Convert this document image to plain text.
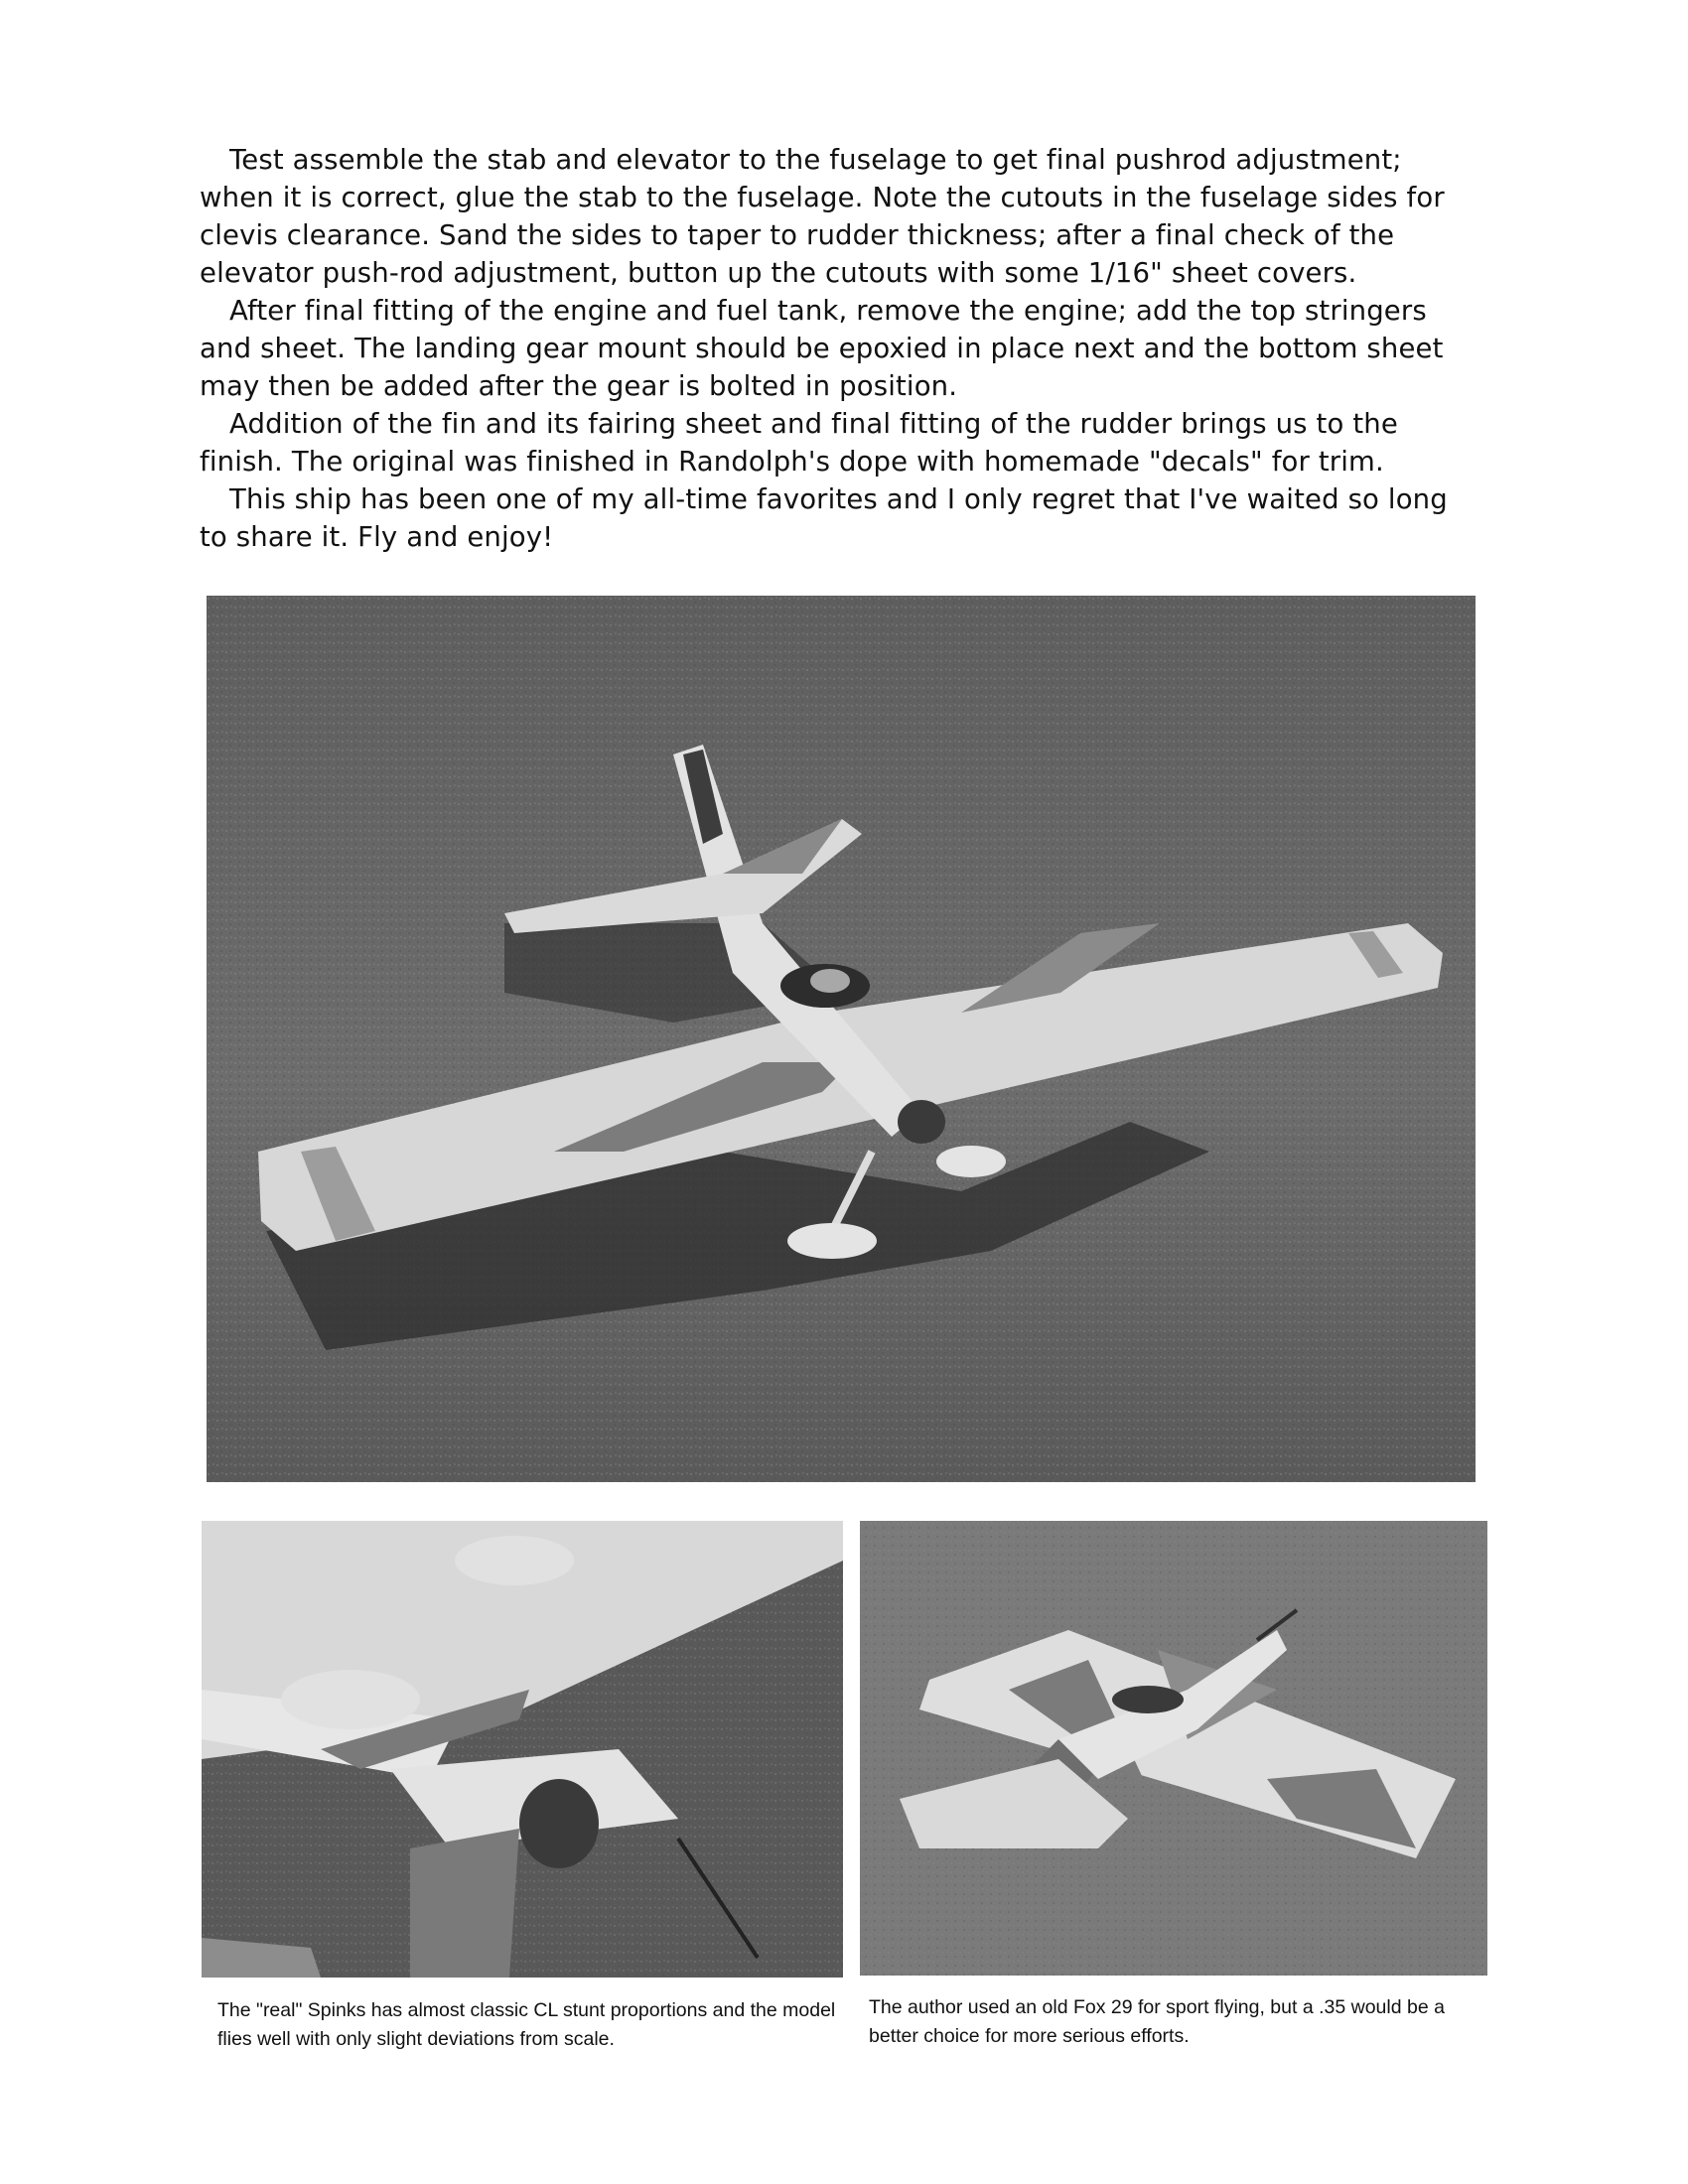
Test assemble the stab and elevator to the fuselage to get final pushrod adjustment; when it is correct, glue the stab to the fuselage. Note the cutouts in the fuselage sides for clevis clearance. Sand the sides to taper to rudder thickness; after a final check of the elevator push-rod adjustment, button up the cutouts with some 1/16" sheet covers.

After final fitting of the engine and fuel tank, remove the engine; add the top stringers and sheet. The landing gear mount should be epoxied in place next and the bottom sheet may then be added after the gear is bolted in position.

Addition of the fin and its fairing sheet and final fitting of the rudder brings us to the finish. The original was finished in Randolph's dope with homemade "decals" for trim.

This ship has been one of my all-time favorites and I only regret that I've waited so long to share it. Fly and enjoy!

The "real" Spinks has almost classic CL stunt proportions and the model flies well with only slight deviations from scale.
The author used an old Fox 29 for sport flying, but a .35 would be a better choice for more serious efforts.
